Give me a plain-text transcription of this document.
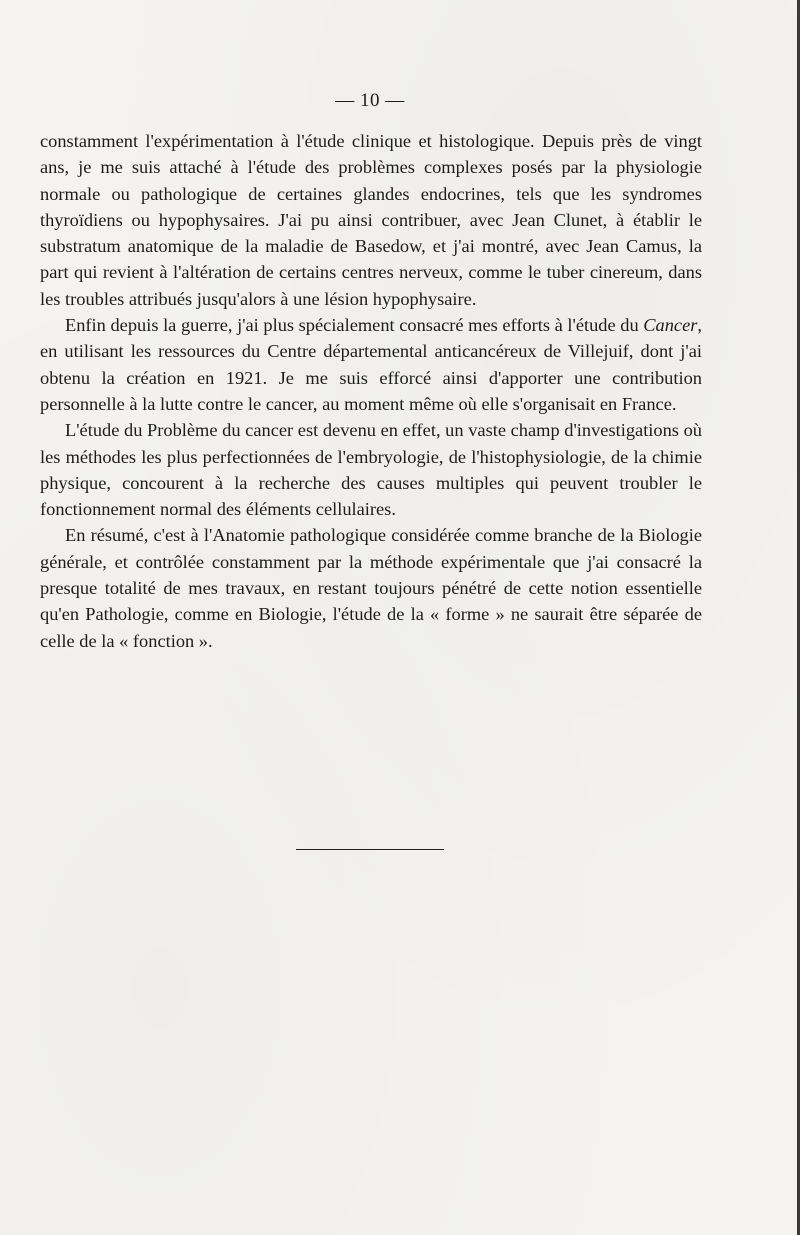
— 10 —

constamment l'expérimentation à l'étude clinique et histologique. Depuis près de vingt ans, je me suis attaché à l'étude des problèmes complexes posés par la physiologie normale ou pathologique de certaines glandes endocrines, tels que les syndromes thyroïdiens ou hypophysaires. J'ai pu ainsi contribuer, avec Jean Clunet, à établir le substratum anatomique de la maladie de Basedow, et j'ai montré, avec Jean Camus, la part qui revient à l'altération de certains centres nerveux, comme le tuber cinereum, dans les troubles attribués jusqu'alors à une lésion hypophysaire.

Enfin depuis la guerre, j'ai plus spécialement consacré mes efforts à l'étude du Cancer, en utilisant les ressources du Centre départemental anticancéreux de Villejuif, dont j'ai obtenu la création en 1921. Je me suis efforcé ainsi d'apporter une contribution personnelle à la lutte contre le cancer, au moment même où elle s'organisait en France.

L'étude du Problème du cancer est devenu en effet, un vaste champ d'investigations où les méthodes les plus perfectionnées de l'embryologie, de l'histophysiologie, de la chimie physique, concourent à la recherche des causes multiples qui peuvent troubler le fonctionnement normal des éléments cellulaires.

En résumé, c'est à l'Anatomie pathologique considérée comme branche de la Biologie générale, et contrôlée constamment par la méthode expérimentale que j'ai consacré la presque totalité de mes travaux, en restant toujours pénétré de cette notion essentielle qu'en Pathologie, comme en Biologie, l'étude de la « forme » ne saurait être séparée de celle de la « fonction ».
